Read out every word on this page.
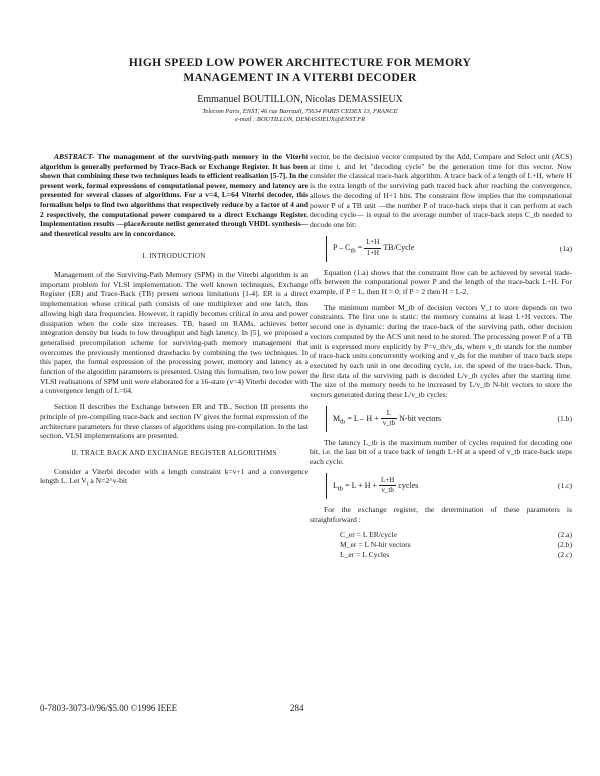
HIGH SPEED LOW POWER ARCHITECTURE FOR MEMORY
MANAGEMENT IN A VITERBI DECODER
Emmanuel BOUTILLON, Nicolas DEMASSIEUX
Telecom Paris, ENST, 46 rue Barrault, 75634 PARIS CEDEX 13, FRANCE
e-mail : BOUTILLON, DEMASSIEUX@ENST.FR
ABSTRACT- The management of the surviving-path memory in the Viterbi algorithm is generally performed by Trace-Back or Exchange Register. It has been shown that combining these two techniques leads to efficient realisation [5-7]. In the present work, formal expressions of computational power, memory and latency are presented for several classes of algorithms. For a v=4, L=64 Viterbi decoder, this formalism helps to find two algorithms that respectively reduce by a factor of 4 and 2 respectively, the computational power compared to a direct Exchange Register. Implementation results —place&route netlist generated through VHDL synthesis— and theoretical results are in concordance.
I. INTRODUCTION

Management of the Surviving-Path Memory (SPM) in the Viterbi algorithm is an important problem for VLSI implementation. The well known techniques, Exchange Register (ER) and Trace-Back (TB) present serious limitations [1-4]. ER is a direct implementation whose critical path consists of one multiplexer and one latch, thus allowing high data frequencies. However, it rapidly becomes critical in area and power dissipation when the code size increases. TB, based on RAMs, achieves better integration density but leads to low throughput and high latency. In [5], we proposed a generalised precompilation scheme for surviving-path memory management that overcomes the previously mentioned drawbacks by combining the two techniques. In this paper, the formal expression of the processing power, memory and latency as a function of the algorithm parameters is presented. Using this formalism, two low power VLSI realisations of SPM unit were elaborated for a 16-state (v=4) Viterbi decoder with a convergence length of L=64.

Section II describes the Exchange between ER and TB., Section III presents the principle of pre-compiling trace-back and section IV gives the formal expression of the architecture parameters for three classes of algorithms using pre-compilation. In the last section, VLSI implementations are presented.

II. TRACE BACK AND EXCHANGE REGISTER ALGORITHMS

Consider a Viterbi decoder with a length constraint k=v+1 and a convergence length L. Let $V_t$ a N=2^v-bit

vector, be the decision vector computed by the Add, Compare and Select unit (ACS) at time t, and let "decoding cycle" be the generation time for this vector. Now consider the classical trace-back algorithm. A trace back of a length of L+H, where H is the extra length of the surviving path traced back after reaching the convergence, allows the decoding of H+1 bits. The constraint flow implies that the computational power P of a TB unit —the number P of trace-back steps that it can perform at each decoding cycle— is equal to the average number of trace-back steps C_tb needed to decode one bit:

$P - C_{tb} = \frac{L+H}{1+H}$ TB/Cycle	(1a)

Equation (1.a) shows that the constraint flow can be achieved by several trade-offs between the computational power P and the length of the trace-back L+H. For example, if P = L, then H = 0; if P = 2 then H = L-2.

The minimum number M_tb of decision vectors V_t to store depends on two constraints. The first one is static: the memory contains at least L+H vectors. The second one is dynamic: during the trace-back of the surviving path, other decision vectors computed by the ACS unit need to be stored. The processing power P of a TB unit is expressed more explicitly by P=v_tb/v_ds, where v_tb stands for the number of trace-back units concurrently working and v_ds for the number of trace back steps executed by each unit in one decoding cycle, i.e. the speed of the trace-back. Thus, the first data of the surviving path is decoded L/v_tb cycles after the starting time. The size of the memory needs to be increased by L/v_tb N-bit vectors to store the vectors generated during these L/v_tb cycles:

$M_{tb} = L - H + \frac{L}{v\_tb} N-bit$ vectors	(1.b)

The latency L_tb is the maximum number of cycles required for decoding one bit, i.e. the last bit of a trace back of length L+H at a speed of v_tb trace-back steps each cycle.

$L_{tb} = L + H + \frac{L+H}{v\_tb}$ cycles	(1.c)

For the exchange register, the determination of these parameters is straightforward :

C_er = L ER/cycle	(2.a)
M_er = L N-bit vectors	(2.b)
L_er = L Cycles	(2.c)
0-7803-3073-0/96/$5.00 ©1996 IEEE	284
